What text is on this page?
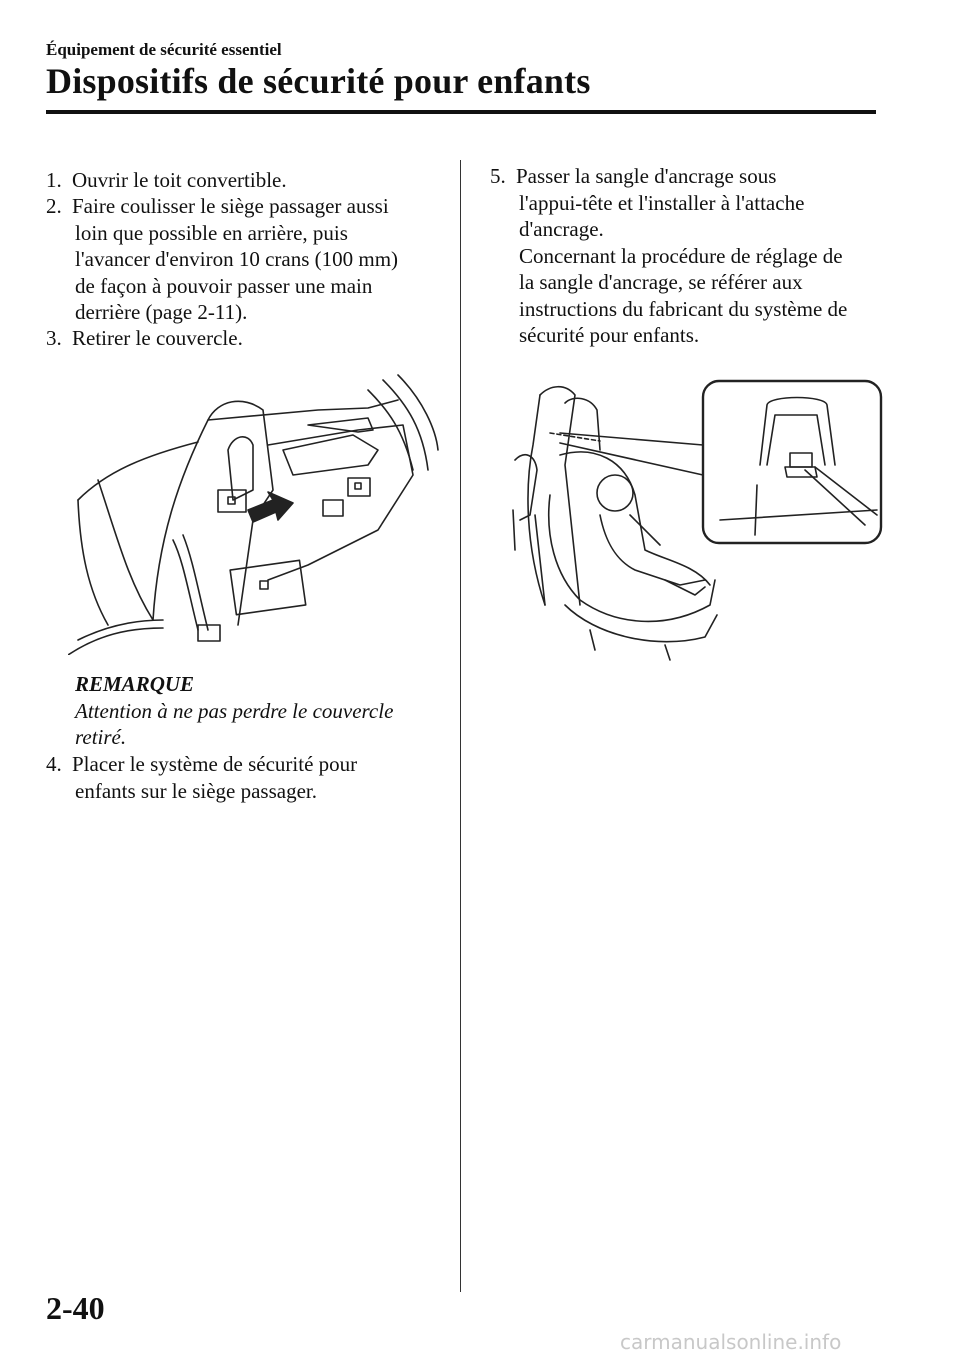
Équipement de sécurité essentiel
Dispositifs de sécurité pour enfants
1. Ouvrir le toit convertible.
2. Faire coulisser le siège passager aussi
loin que possible en arrière, puis
l'avancer d'environ 10 crans (100 mm)
de façon à pouvoir passer une main
derrière (page 2-11).
3. Retirer le couvercle.
REMARQUE
Attention à ne pas perdre le couvercle
retiré.
4. Placer le système de sécurité pour
enfants sur le siège passager.
5. Passer la sangle d'ancrage sous
l'appui-tête et l'installer à l'attache
d'ancrage.
Concernant la procédure de réglage de
la sangle d'ancrage, se référer aux
instructions du fabricant du système de
sécurité pour enfants.
2-40
carmanualsonline.info
